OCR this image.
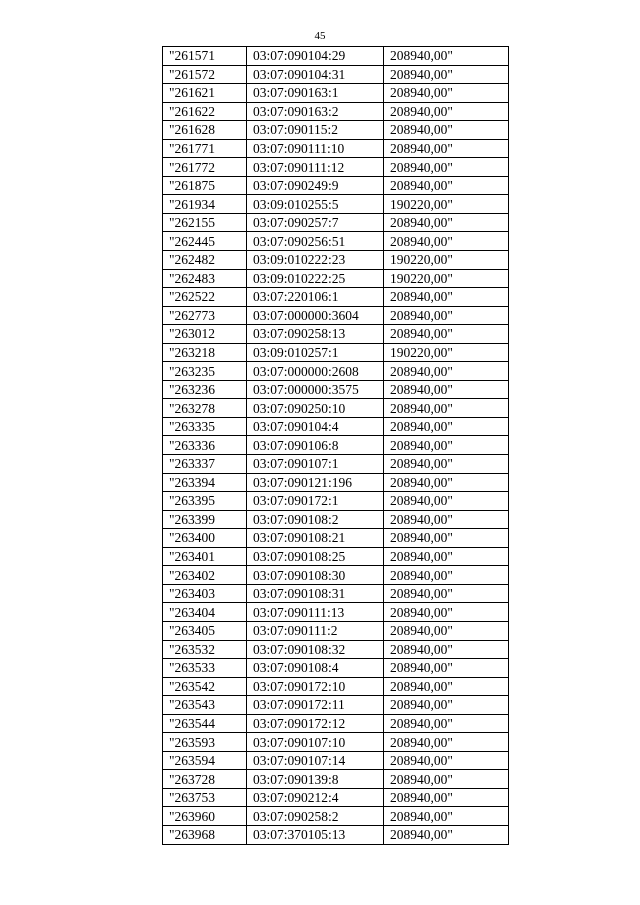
45
"261571	03:07:090104:29	208940,00"
"261572	03:07:090104:31	208940,00"
"261621	03:07:090163:1	208940,00"
"261622	03:07:090163:2	208940,00"
"261628	03:07:090115:2	208940,00"
"261771	03:07:090111:10	208940,00"
"261772	03:07:090111:12	208940,00"
"261875	03:07:090249:9	208940,00"
"261934	03:09:010255:5	190220,00"
"262155	03:07:090257:7	208940,00"
"262445	03:07:090256:51	208940,00"
"262482	03:09:010222:23	190220,00"
"262483	03:09:010222:25	190220,00"
"262522	03:07:220106:1	208940,00"
"262773	03:07:000000:3604	208940,00"
"263012	03:07:090258:13	208940,00"
"263218	03:09:010257:1	190220,00"
"263235	03:07:000000:2608	208940,00"
"263236	03:07:000000:3575	208940,00"
"263278	03:07:090250:10	208940,00"
"263335	03:07:090104:4	208940,00"
"263336	03:07:090106:8	208940,00"
"263337	03:07:090107:1	208940,00"
"263394	03:07:090121:196	208940,00"
"263395	03:07:090172:1	208940,00"
"263399	03:07:090108:2	208940,00"
"263400	03:07:090108:21	208940,00"
"263401	03:07:090108:25	208940,00"
"263402	03:07:090108:30	208940,00"
"263403	03:07:090108:31	208940,00"
"263404	03:07:090111:13	208940,00"
"263405	03:07:090111:2	208940,00"
"263532	03:07:090108:32	208940,00"
"263533	03:07:090108:4	208940,00"
"263542	03:07:090172:10	208940,00"
"263543	03:07:090172:11	208940,00"
"263544	03:07:090172:12	208940,00"
"263593	03:07:090107:10	208940,00"
"263594	03:07:090107:14	208940,00"
"263728	03:07:090139:8	208940,00"
"263753	03:07:090212:4	208940,00"
"263960	03:07:090258:2	208940,00"
"263968	03:07:370105:13	208940,00"
